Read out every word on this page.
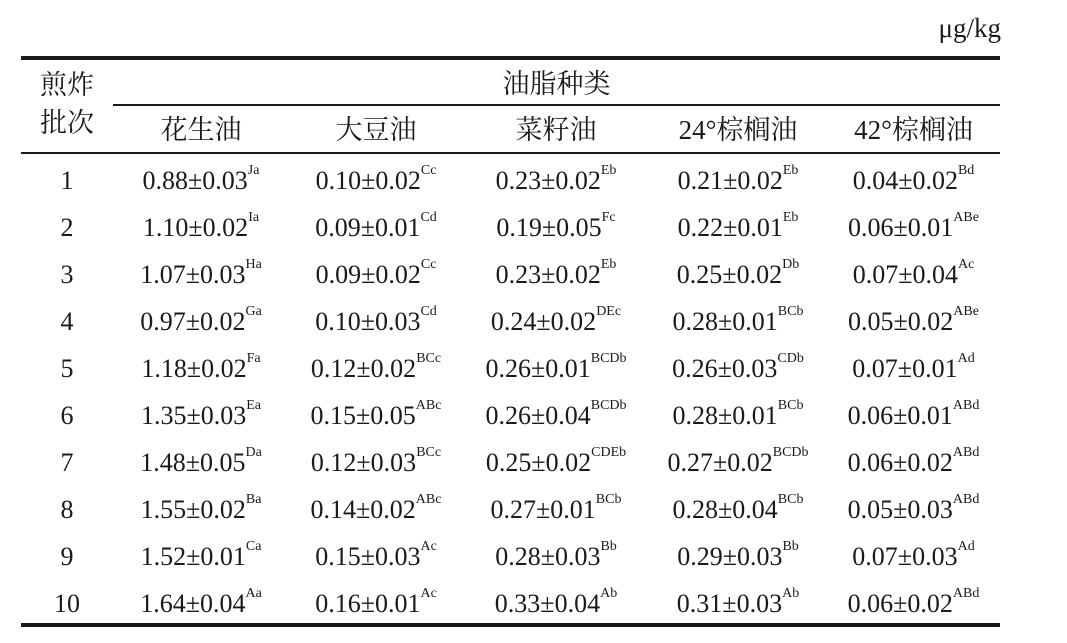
μg/kg
煎炸
批次
油脂种类
花生油	大豆油	菜籽油	24°棕榈油	42°棕榈油
1	$0.88\pm 0.03^{Ja}$	$0.10\pm 0.02^{Cc}$	$0.23\pm 0.02^{Eb}$	$0.21\pm 0.02^{Eb}$	$0.04\pm 0.02^{Bd}$
2	$1.10\pm 0.02^{Ia}$	$0.09\pm 0.01^{Cd}$	$0.19\pm 0.05^{Fc}$	$0.22\pm 0.01^{Eb}$	$0.06\pm 0.01^{ABe}$
3	$1.07\pm 0.03^{Ha}$	$0.09\pm 0.02^{Cc}$	$0.23\pm 0.02^{Eb}$	$0.25\pm 0.02^{Db}$	$0.07\pm 0.04^{Ac}$
4	$0.97\pm 0.02^{Ga}$	$0.10\pm 0.03^{Cd}$	$0.24\pm 0.02^{DEc}$	$0.28\pm 0.01^{BCb}$	$0.05\pm 0.02^{ABe}$
5	$1.18\pm 0.02^{Fa}$	$0.12\pm 0.02^{BCc}$	$0.26\pm 0.01^{BCDb}$	$0.26\pm 0.03^{CDb}$	$0.07\pm 0.01^{Ad}$
6	$1.35\pm 0.03^{Ea}$	$0.15\pm 0.05^{ABc}$	$0.26\pm 0.04^{BCDb}$	$0.28\pm 0.01^{BCb}$	$0.06\pm 0.01^{ABd}$
7	$1.48\pm 0.05^{Da}$	$0.12\pm 0.03^{BCc}$	$0.25\pm 0.02^{CDEb}$	$0.27\pm 0.02^{BCDb}$	$0.06\pm 0.02^{ABd}$
8	$1.55\pm 0.02^{Ba}$	$0.14\pm 0.02^{ABc}$	$0.27\pm 0.01^{BCb}$	$0.28\pm 0.04^{BCb}$	$0.05\pm 0.03^{ABd}$
9	$1.52\pm 0.01^{Ca}$	$0.15\pm 0.03^{Ac}$	$0.28\pm 0.03^{Bb}$	$0.29\pm 0.03^{Bb}$	$0.07\pm 0.03^{Ad}$
10	$1.64\pm 0.04^{Aa}$	$0.16\pm 0.01^{Ac}$	$0.33\pm 0.04^{Ab}$	$0.31\pm 0.03^{Ab}$	$0.06\pm 0.02^{ABd}$
